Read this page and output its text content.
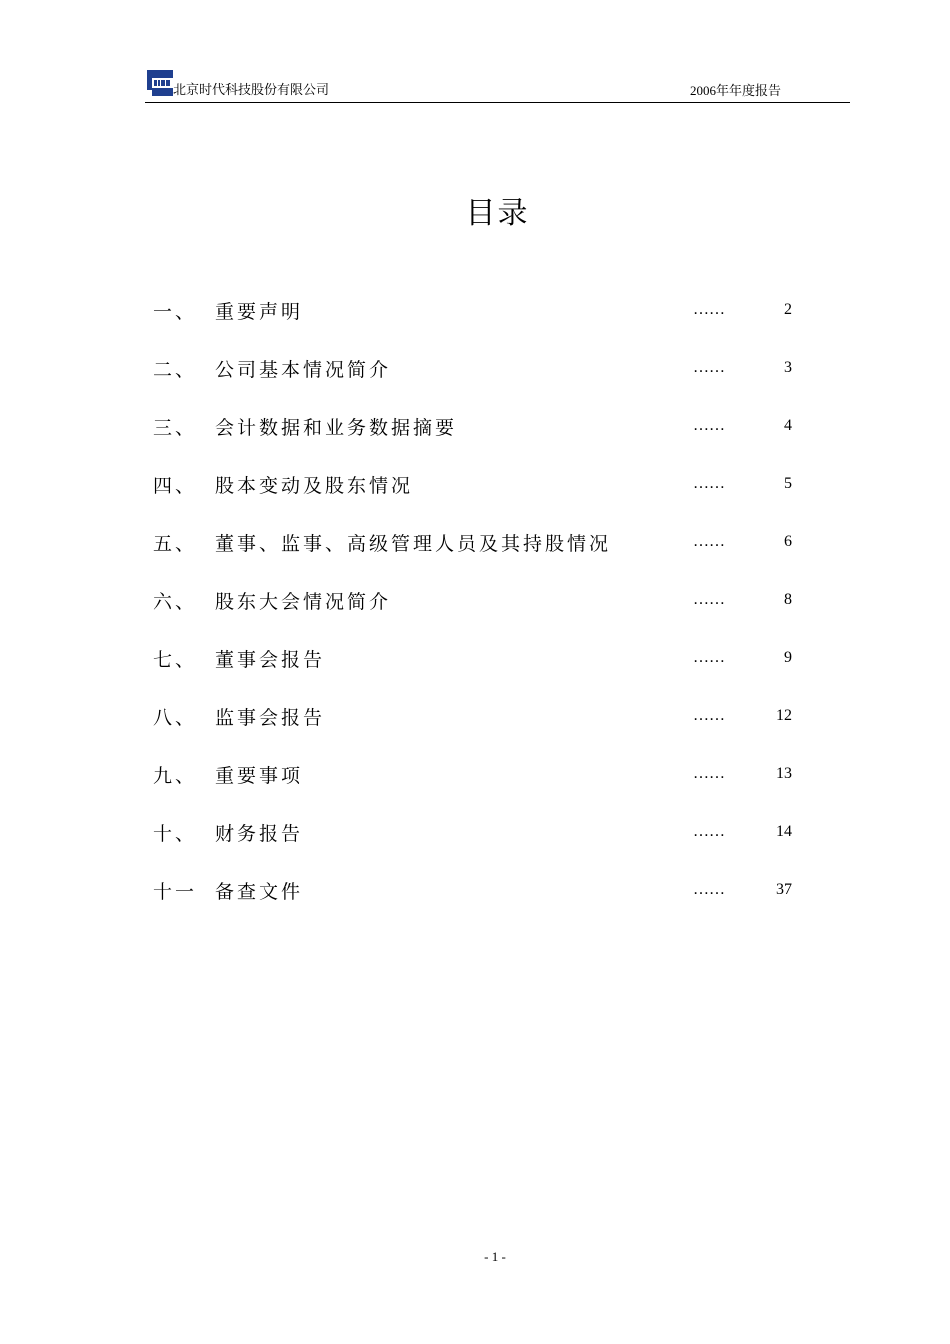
北京时代科技股份有限公司	2006年年度报告
目录
一、 重要声明	……	2
二、 公司基本情况简介	……	3
三、 会计数据和业务数据摘要	……	4
四、 股本变动及股东情况	……	5
五、 董事、监事、高级管理人员及其持股情况	……	6
六、 股东大会情况简介	……	8
七、 董事会报告	……	9
八、 监事会报告	……	12
九、 重要事项	……	13
十、 财务报告	……	14
十一 备查文件	……	37
- 1 -
